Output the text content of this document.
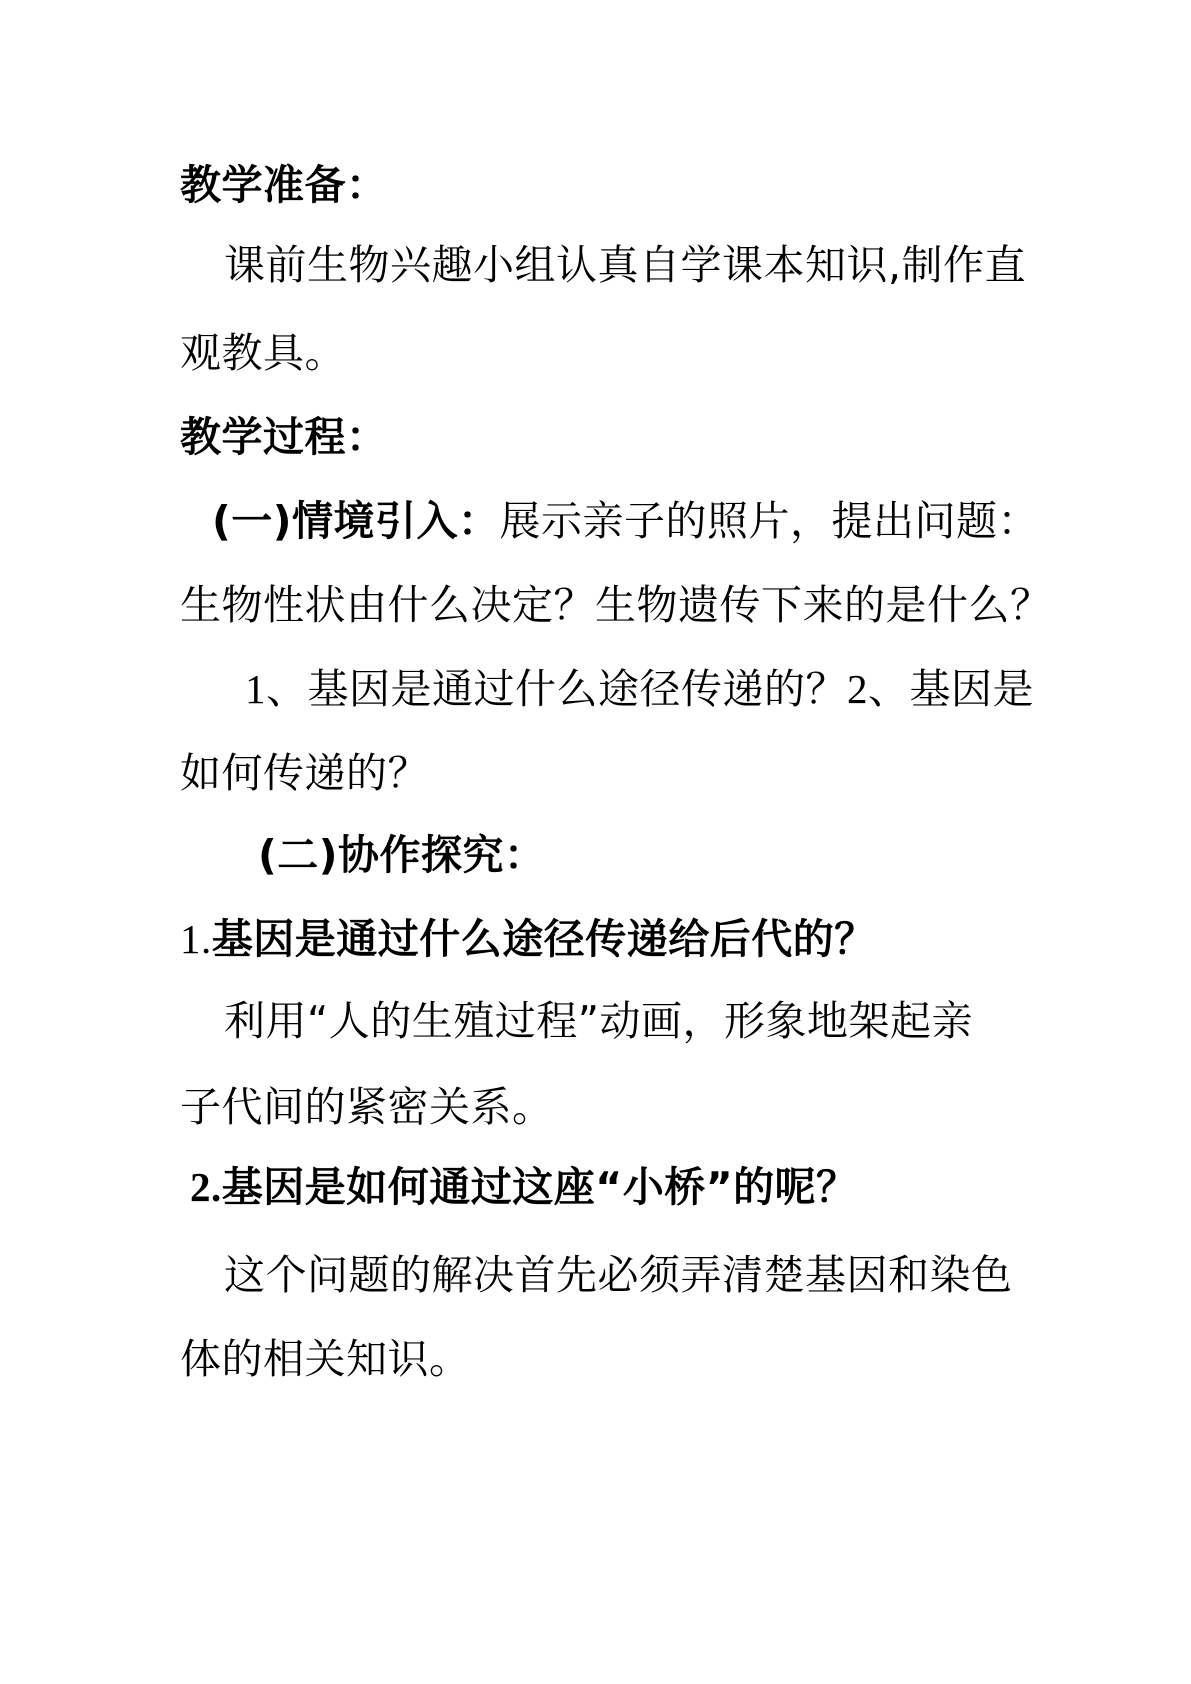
教学准备：
课前生物兴趣小组认真自学课本知识,制作直
观教具。
教学过程：
(一)情境引入：展示亲子的照片，提出问题：
生物性状由什么决定？生物遗传下来的是什么？
1、基因是通过什么途径传递的？2、基因是
如何传递的？
(二)协作探究：
1.基因是通过什么途径传递给后代的？
利用“人的生殖过程”动画，形象地架起亲
子代间的紧密关系。
2.基因是如何通过这座“小桥”的呢？
这个问题的解决首先必须弄清楚基因和染色
体的相关知识。
